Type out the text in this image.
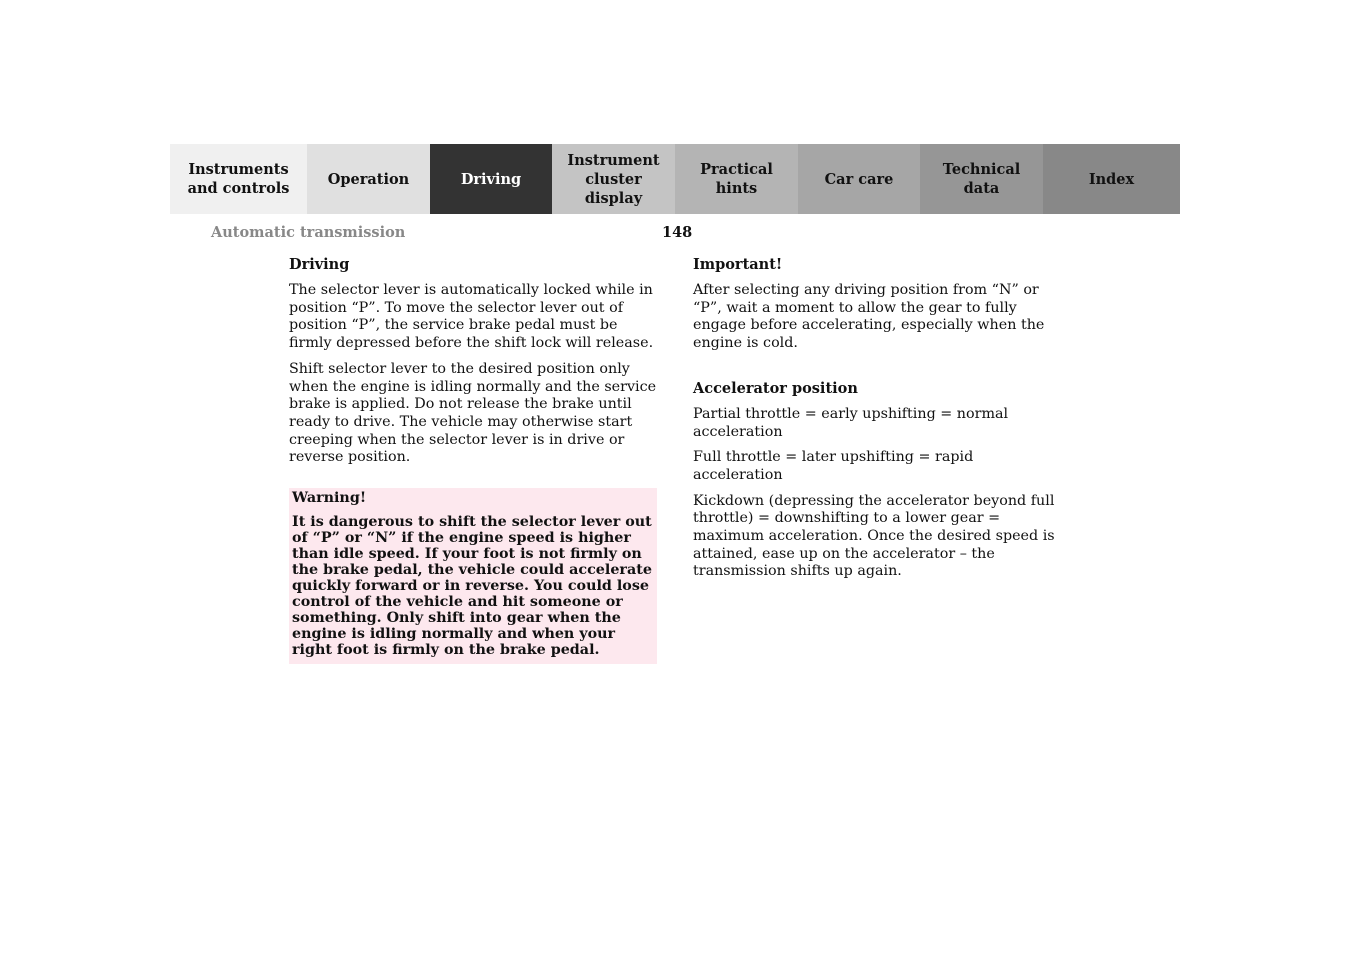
Instruments
and controls
Operation	Driving
Instrument
cluster display
Practical hints
Car care
Technical
data
Index
Automatic transmission	148
Driving

The selector lever is automatically locked while in position “P”. To move the selector lever out of position “P”, the service brake pedal must be firmly depressed before the shift lock will release.

Shift selector lever to the desired position only when the engine is idling normally and the service brake is applied. Do not release the brake until ready to drive. The vehicle may otherwise start creeping when the selector lever is in drive or reverse position.

Warning!

It is dangerous to shift the selector lever out of “P” or “N” if the engine speed is higher than idle speed. If your foot is not firmly on the brake pedal, the vehicle could accelerate quickly forward or in reverse. You could lose control of the vehicle and hit someone or something. Only shift into gear when the engine is idling normally and when your right foot is firmly on the brake pedal.

Important!

After selecting any driving position from “N” or “P”, wait a moment to allow the gear to fully engage before accelerating, especially when the engine is cold.

Accelerator position

Partial throttle = early upshifting = normal acceleration

Full throttle = later upshifting = rapid acceleration

Kickdown (depressing the accelerator beyond full throttle) = downshifting to a lower gear = maximum acceleration. Once the desired speed is attained, ease up on the accelerator – the transmission shifts up again.
